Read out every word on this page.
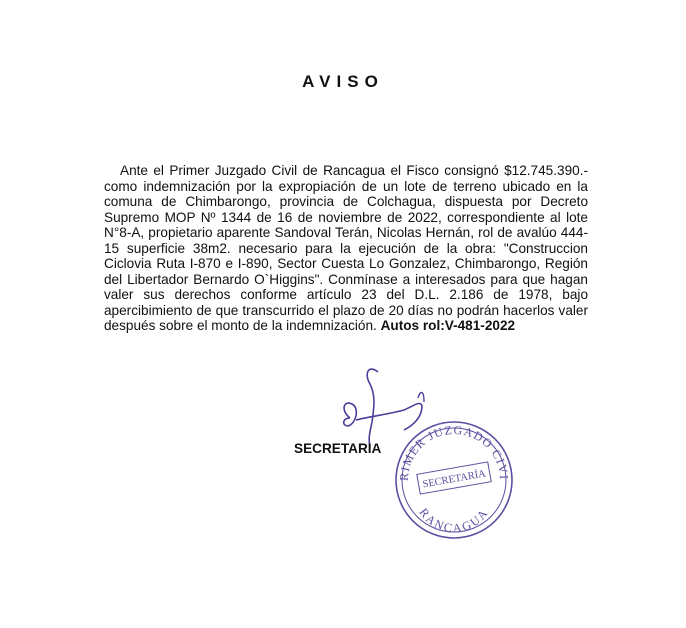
AVISO
Ante el Primer Juzgado Civil de Rancagua el Fisco consignó $12.745.390.- como indemnización por la expropiación de un lote de terreno ubicado en la comuna de Chimbarongo, provincia de Colchagua, dispuesta por Decreto Supremo MOP Nº 1344 de 16 de noviembre de 2022, correspondiente al lote N°8-A, propietario aparente Sandoval Terán, Nicolas Hernán, rol de avalúo 444-15 superficie 38m2. necesario para la ejecución de la obra: "Construccion Ciclovia Ruta I-870 e I-890, Sector Cuesta Lo Gonzalez, Chimbarongo, Región del Libertador Bernardo O`Higgins". Conmínase a interesados para que hagan valer sus derechos conforme artículo 23 del D.L. 2.186 de 1978, bajo apercibimiento de que transcurrido el plazo de 20 días no podrán hacerlos valer después sobre el monto de la indemnización. Autos rol:V-481-2022
SECRETARIA
RIMER JUZGADO CIVI
RANCAGUA
SECRETARÍA
